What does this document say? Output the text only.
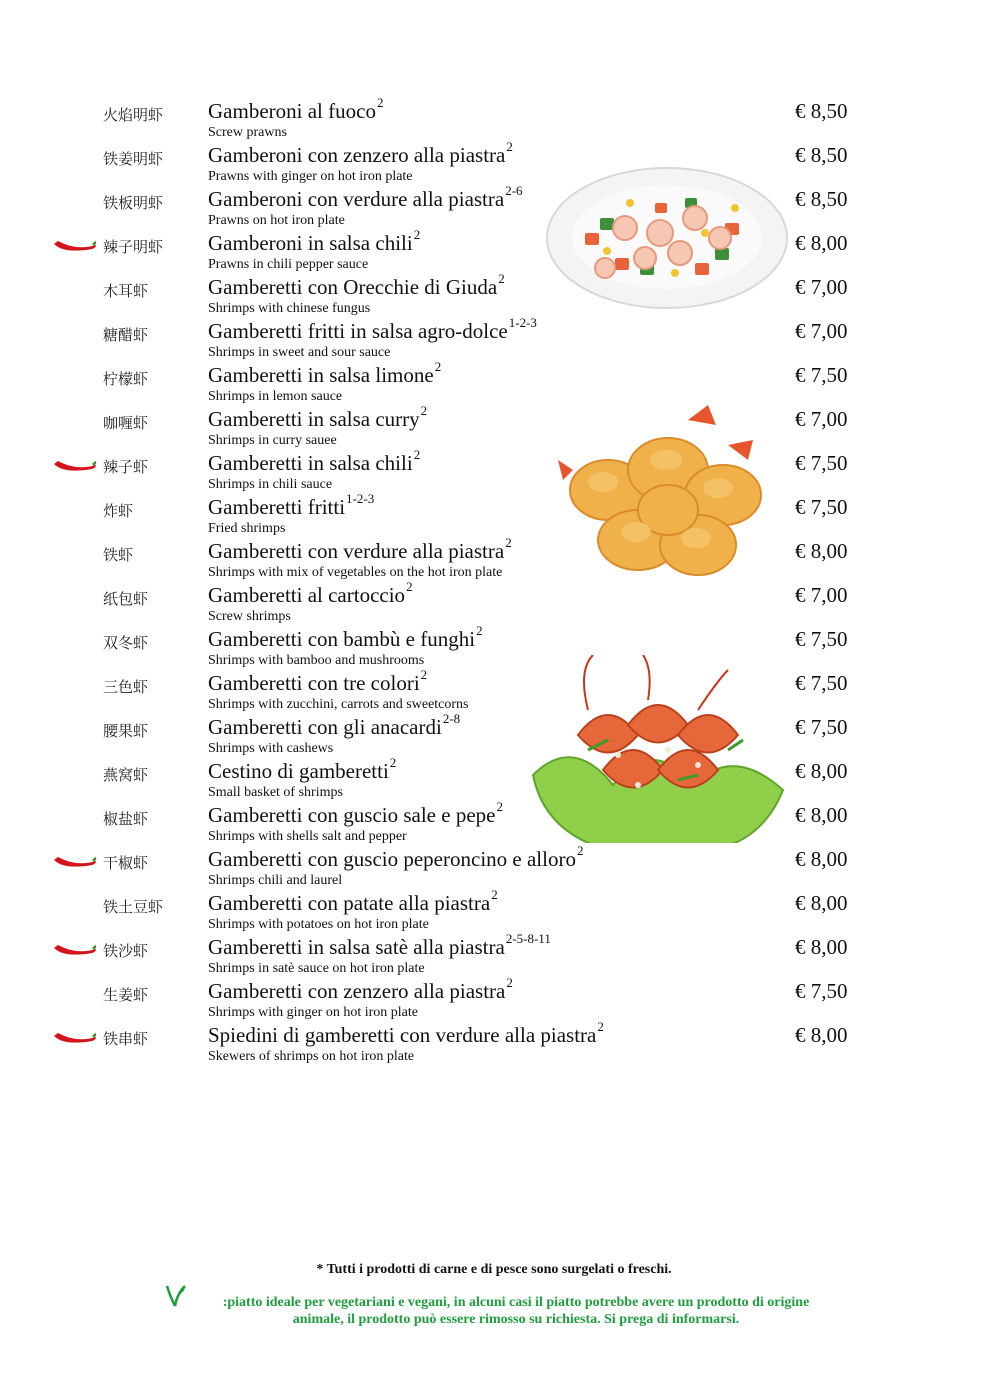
火焰明虾 Gamberoni al fuoco$^2$
Screw prawns
€ 8,50
铁姜明虾 Gamberoni con zenzero alla piastra$^2$
Prawns with ginger on hot iron plate
€ 8,50
铁板明虾 Gamberoni con verdure alla piastra$^{2-6}$
Prawns on hot iron plate
€ 8,50
辣子明虾 Gamberoni in salsa chili$^2$
Prawns in chili pepper sauce
€ 8,00
木耳虾	Gamberetti con Orecchie di Giuda$^2$
Shrimps with chinese fungus
€ 7,00
糖醋虾	Gamberetti fritti in salsa agro-dolce$^{1-2-3}$
Shrimps in sweet and sour sauce
€ 7,00
柠檬虾	Gamberetti in salsa limone$^2$
Shrimps in lemon sauce
€ 7,50
咖喱虾	Gamberetti in salsa curry$^2$
Shrimps in curry sauee
€ 7,00
辣子虾	Gamberetti in salsa chili$^2$
Shrimps in chili sauce
€ 7,50
炸虾	Gamberetti fritti$^{1-2-3}$
Fried shrimps
€ 7,50
铁虾	Gamberetti con verdure alla piastra$^2$
Shrimps with mix of vegetables on the hot iron plate
€ 8,00
纸包虾	Gamberetti al cartoccio$^2$
Screw shrimps
€ 7,00
双冬虾	Gamberetti con bambù e funghi$^2$
Shrimps with bamboo and mushrooms
€ 7,50
三色虾	Gamberetti con tre colori$^2$
Shrimps with zucchini, carrots and sweetcorns
€ 7,50
腰果虾	Gamberetti con gli anacardi$^{2-8}$
Shrimps with cashews
€ 7,50
燕窝虾	Cestino di gamberetti$^2$
Small basket of shrimps
€ 8,00
椒盐虾	Gamberetti con guscio sale e pepe$^2$
Shrimps with shells salt and pepper
€ 8,00
干椒虾	Gamberetti con guscio peperoncino e alloro$^2$
Shrimps chili and laurel
€ 8,00
铁土豆虾 Gamberetti con patate alla piastra$^2$
Shrimps with potatoes on hot iron plate
€ 8,00
铁沙虾	Gamberetti in salsa satè alla piastra$^{2-5-8-11}$
Shrimps in satè sauce on hot iron plate
€ 8,00
生姜虾	Gamberetti con zenzero alla piastra$^2$
Shrimps with ginger on hot iron plate
€ 7,50
铁串虾	Spiedini di gamberetti con verdure alla piastra$^2$
Skewers of shrimps on hot iron plate
€ 8,00
* Tutti i prodotti di carne e di pesce sono surgelati o freschi.
:piatto ideale per vegetariani e vegani, in alcuni casi il piatto potrebbe avere un prodotto di origine animale, il prodotto può essere rimosso su richiesta. Si prega di informarsi.
